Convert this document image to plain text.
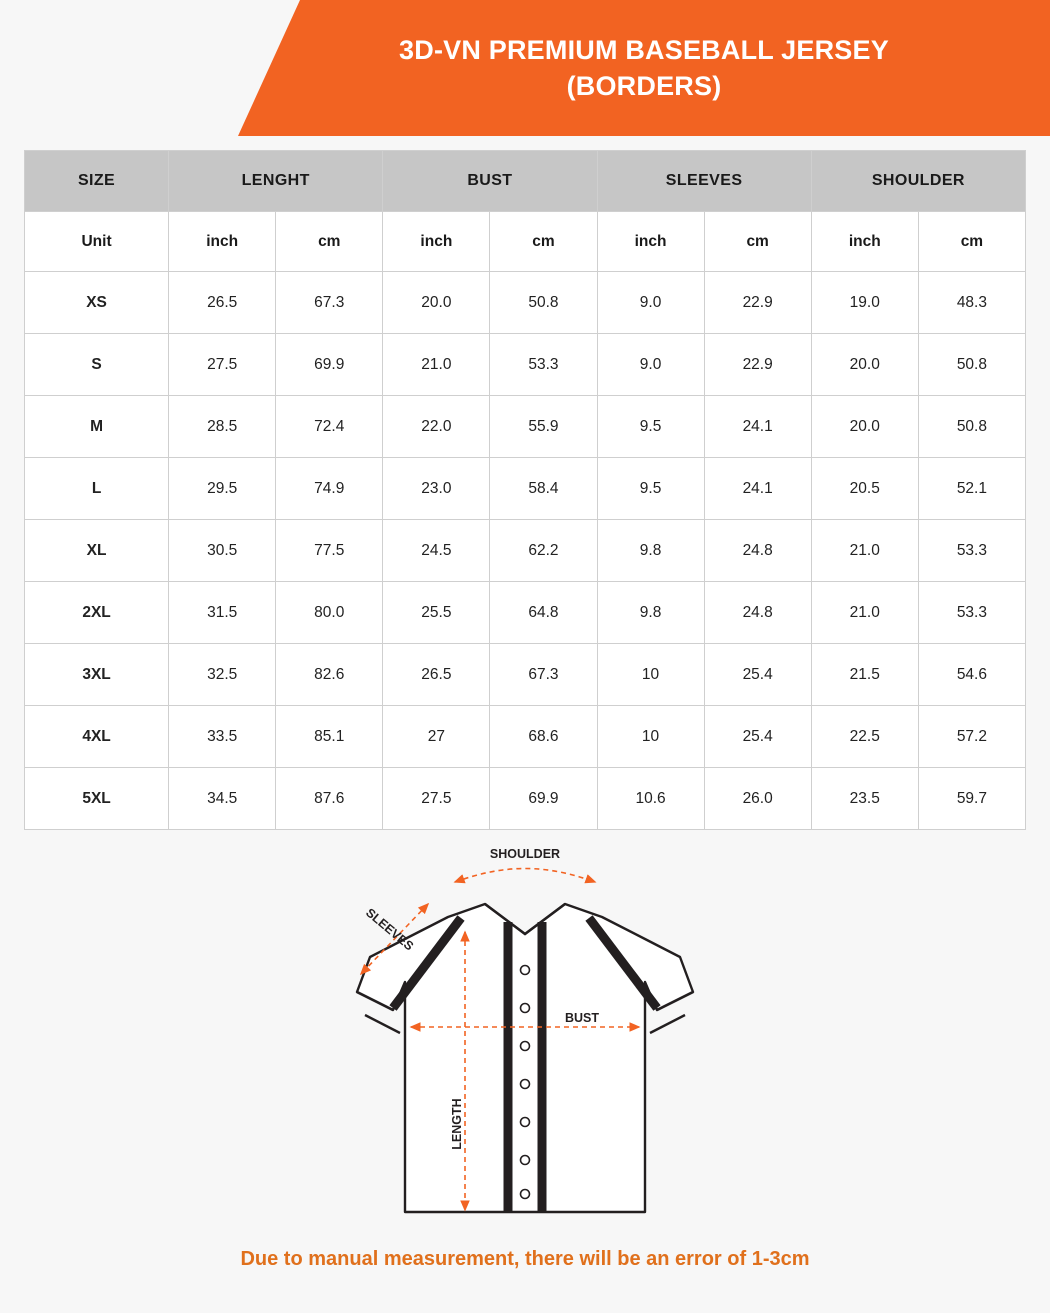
3D-VN PREMIUM BASEBALL JERSEY
(BORDERS)
SIZE	LENGHT		BUST		SLEEVES		SHOULDER	
Unit	inch	cm	inch	cm	inch	cm	inch	cm
XS	26.5	67.3	20.0	50.8	9.0	22.9	19.0	48.3
S	27.5	69.9	21.0	53.3	9.0	22.9	20.0	50.8
M	28.5	72.4	22.0	55.9	9.5	24.1	20.0	50.8
L	29.5	74.9	23.0	58.4	9.5	24.1	20.5	52.1
XL	30.5	77.5	24.5	62.2	9.8	24.8	21.0	53.3
2XL	31.5	80.0	25.5	64.8	9.8	24.8	21.0	53.3
3XL	32.5	82.6	26.5	67.3	10	25.4	21.5	54.6
4XL	33.5	85.1	27	68.6	10	25.4	22.5	57.2
5XL	34.5	87.6	27.5	69.9	10.6	26.0	23.5	59.7
SHOULDER
SLEEVES
BUST
LENGTH
Due to manual measurement, there will be an error of 1-3cm
